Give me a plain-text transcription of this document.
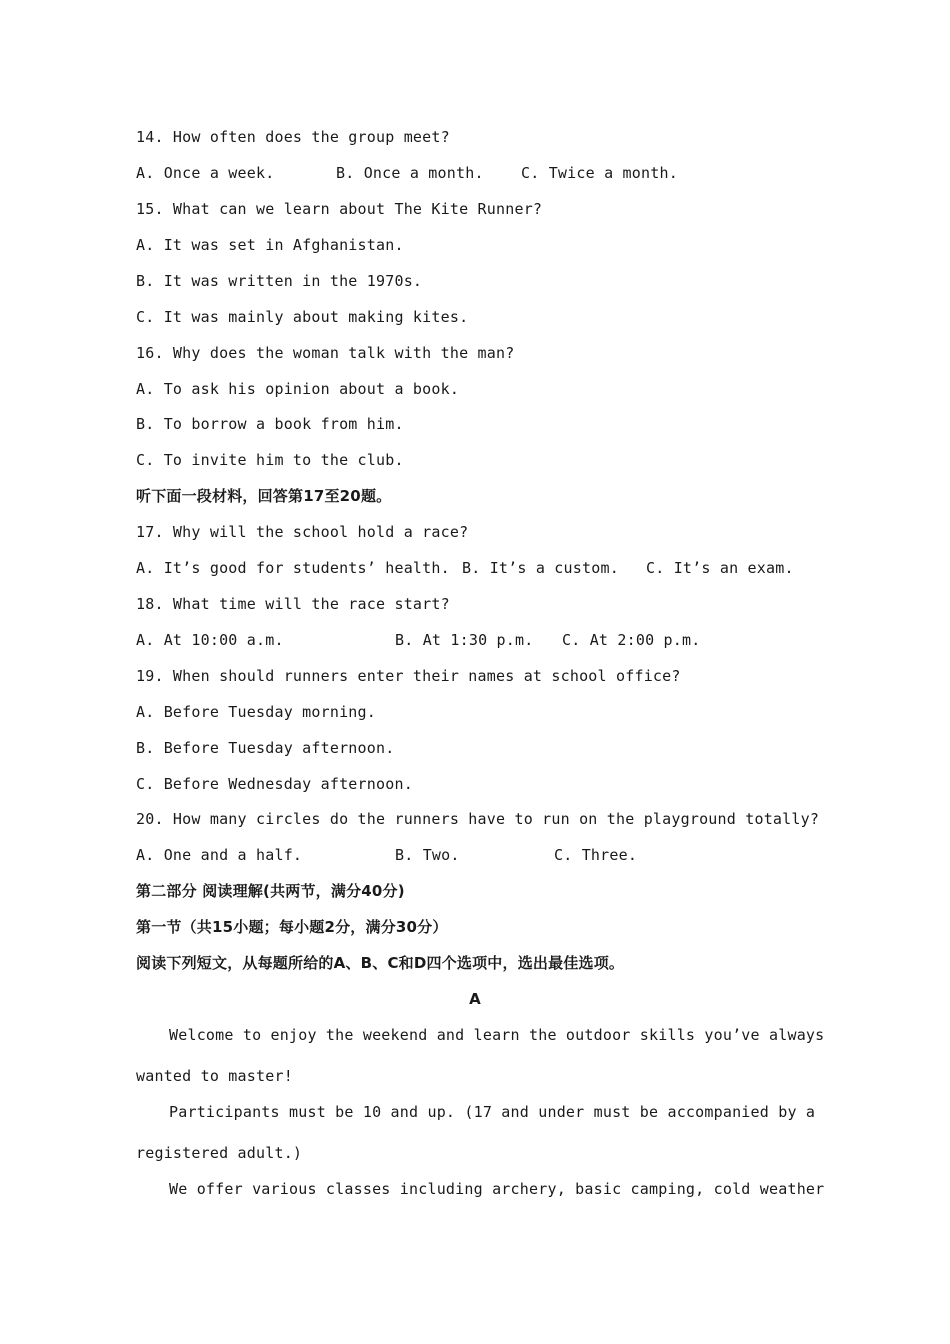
14. How often does the group meet?
A. Once a week.	B. Once a month. C. Twice a month.
15. What can we learn about The Kite Runner?
A. It was set in Afghanistan.
B. It was written in the 1970s.
C. It was mainly about making kites.
16. Why does the woman talk with the man?
A. To ask his opinion about a book.
B. To borrow a book from him.
C. To invite him to the club.
听下面一段材料，回答第17至20题。
17. Why will the school hold a race?
A. It’s good for students’ health. B. It’s a custom. C. It’s an exam.
18. What time will the race start?
A. At 10:00 a.m.	B. At 1:30 p.m. C. At 2:00 p.m.
19. When should runners enter their names at school office?
A. Before Tuesday morning.
B. Before Tuesday afternoon.
C. Before Wednesday afternoon.
20. How many circles do the runners have to run on the playground totally?
A. One and a half.	B. Two.	C. Three.
第二部分 阅读理解(共两节，满分40分)
第一节（共15小题；每小题2分，满分30分）
阅读下列短文，从每题所给的A、B、C和D四个选项中，选出最佳选项。
A
Welcome to enjoy the weekend and learn the outdoor skills you’ve always
wanted to master!
Participants must be 10 and up. (17 and under must be accompanied by a
registered adult.)
We offer various classes including archery, basic camping, cold weather
